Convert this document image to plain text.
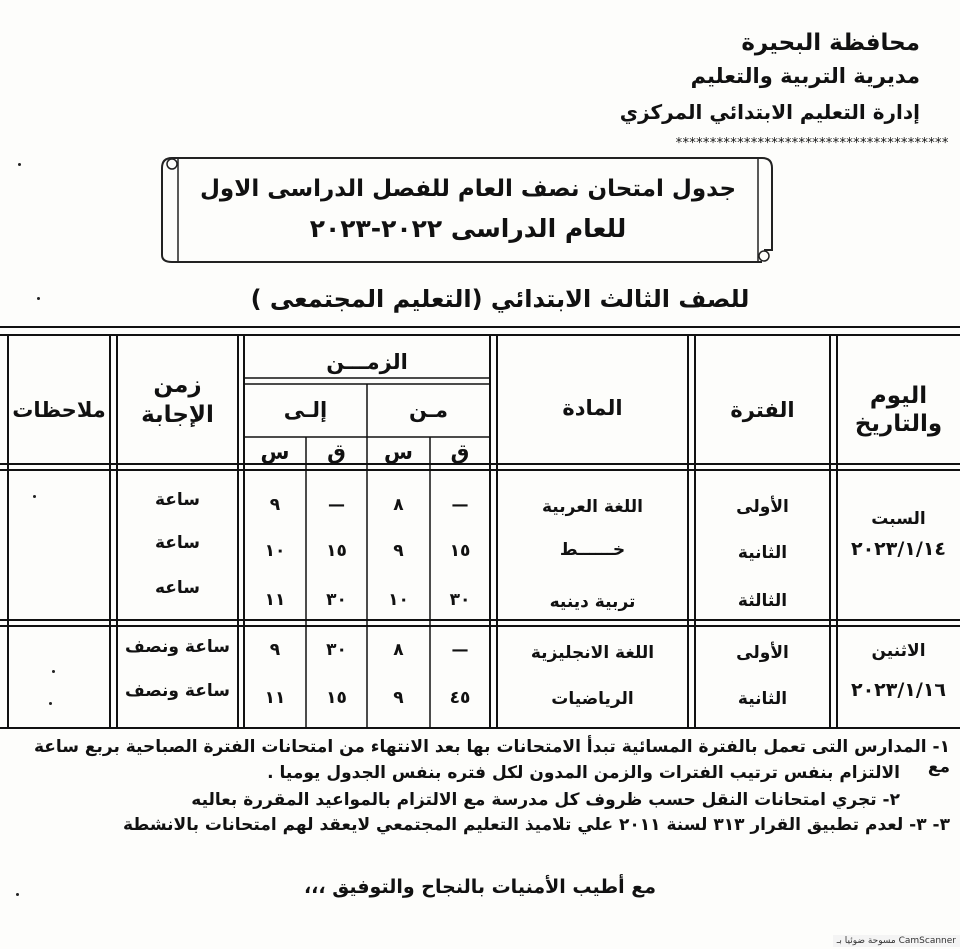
محافظة البحيرة
مديرية التربية والتعليم
إدارة التعليم الابتدائي المركزي
****************************************
جدول امتحان نصف العام للفصل الدراسى الاول
للعام الدراسى ٢٠٢٢-٢٠٢٣
للصف الثالث الابتدائي (التعليم المجتمعى )
اليوم والتاريخ
الفترة
المادة
الزمـــن
مـن
إلـى
ق
س
ق
س
زمن الإجابة
ملاحظات
السبت
٢٠٢٣/١/١٤
الأولى
اللغة العربية
—
٨
—
٩
ساعة
الثانية
خــــــط
١٥
٩
١٥
١٠
ساعة
الثالثة
تربية دينيه
٣٠
١٠
٣٠
١١
ساعه
الاثنين
٢٠٢٣/١/١٦
الأولى
اللغة الانجليزية
—
٨
٣٠
٩
ساعة ونصف
الثانية
الرياضيات
٤٥
٩
١٥
١١
ساعة ونصف
١- المدارس التى تعمل بالفترة المسائية تبدأ الامتحانات بها بعد الانتهاء من امتحانات الفترة الصباحية بربع ساعة مع
الالتزام بنفس ترتيب الفترات والزمن المدون لكل فتره بنفس الجدول يوميا .
٢- تجري امتحانات النقل حسب ظروف كل مدرسة مع الالتزام بالمواعيد المقررة بعاليه
٣- ٣- لعدم تطبيق القرار ٣١٣ لسنة ٢٠١١ علي تلاميذ التعليم المجتمعي لايعقد لهم امتحانات بالانشطة
مع أطيب الأمنيات بالنجاح والتوفيق ،،،
CamScanner مسوحة ضوئيا بـ
